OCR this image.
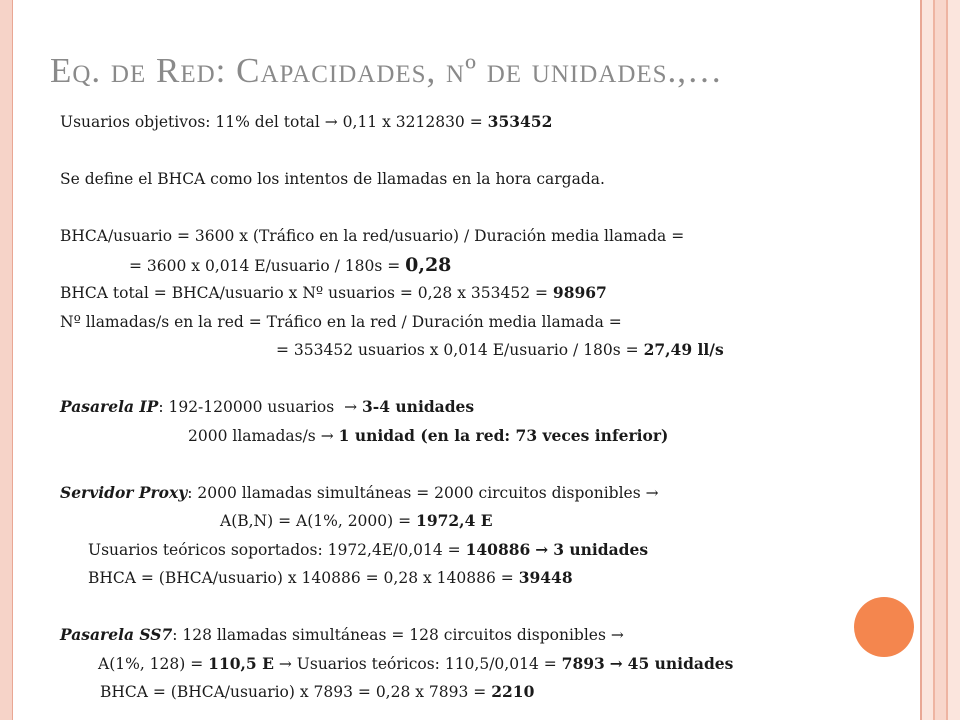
Eq. de Red: Capacidades, nº de unidades.,…
Usuarios objetivos: 11% del total → 0,11 x 3212830 = 353452
Se define el BHCA como los intentos de llamadas en la hora cargada.
BHCA/usuario = 3600 x (Tráfico en la red/usuario) / Duración media llamada =
= 3600 x 0,014 E/usuario / 180s = 0,28
BHCA total = BHCA/usuario x Nº usuarios = 0,28 x 353452 = 98967
Nº llamadas/s en la red = Tráfico en la red / Duración media llamada =
= 353452 usuarios x 0,014 E/usuario / 180s = 27,49 ll/s
Pasarela IP: 192-120000 usuarios → 3-4 unidades
2000 llamadas/s → 1 unidad (en la red: 73 veces inferior)
Servidor Proxy: 2000 llamadas simultáneas = 2000 circuitos disponibles →
A(B,N) = A(1%, 2000) = 1972,4 E
Usuarios teóricos soportados: 1972,4E/0,014 = 140886 → 3 unidades
BHCA = (BHCA/usuario) x 140886 = 0,28 x 140886 = 39448
Pasarela SS7: 128 llamadas simultáneas = 128 circuitos disponibles →
A(1%, 128) = 110,5 E → Usuarios teóricos: 110,5/0,014 = 7893 → 45 unidades
BHCA = (BHCA/usuario) x 7893 = 0,28 x 7893 = 2210
